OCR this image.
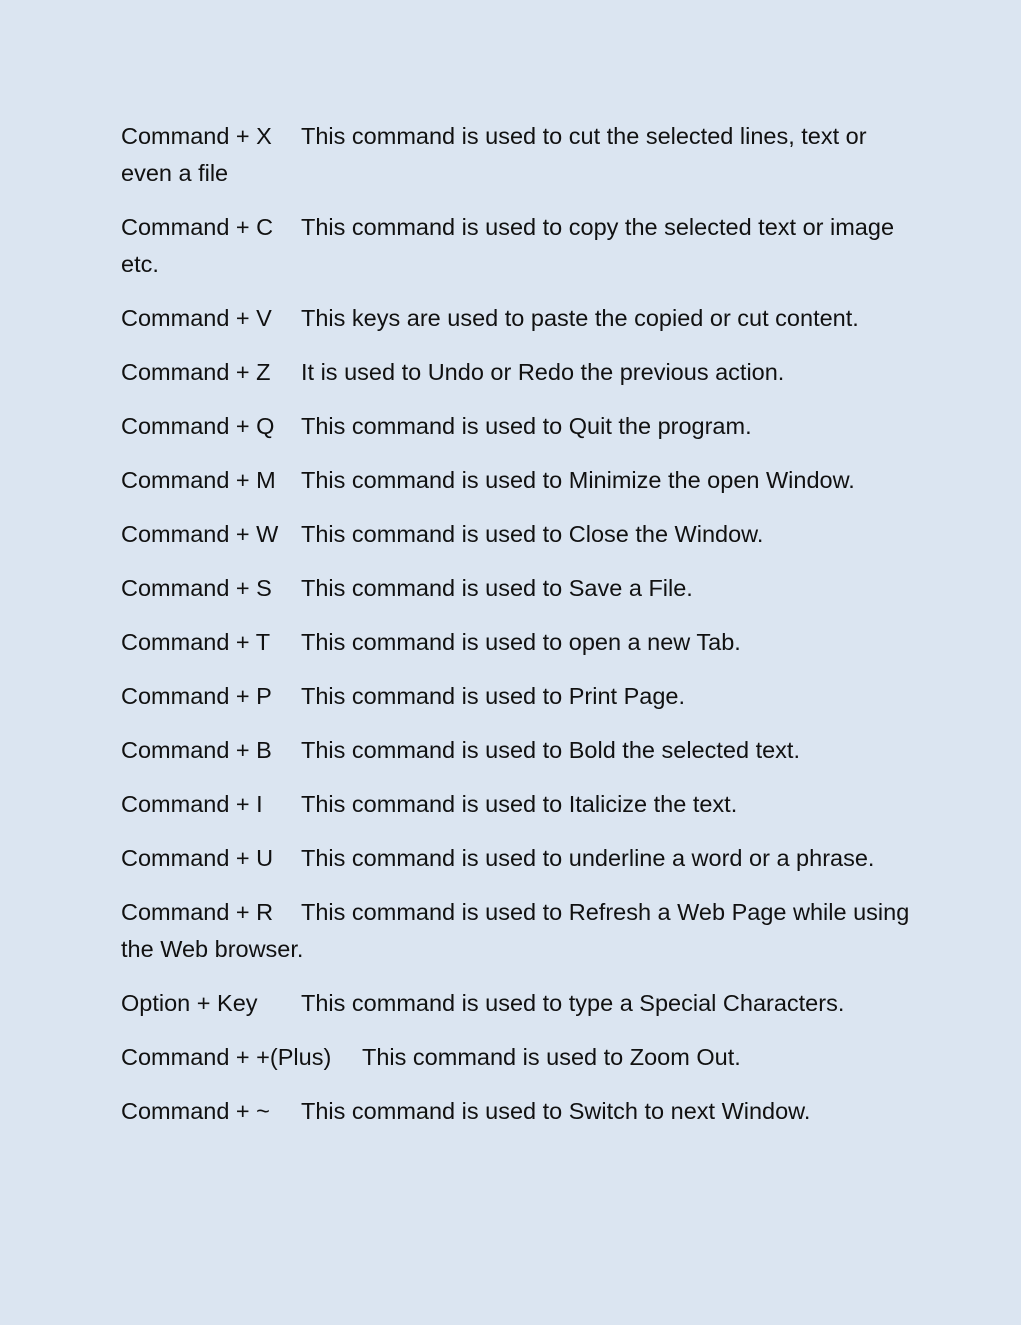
Command + X This command is used to cut the selected lines, text or even a file

Command + C This command is used to copy the selected text or image etc.

Command + V This keys are used to paste the copied or cut content.

Command + Z It is used to Undo or Redo the previous action.

Command + Q This command is used to Quit the program.

Command + M This command is used to Minimize the open Window.

Command + W This command is used to Close the Window.

Command + S This command is used to Save a File.

Command + T This command is used to open a new Tab.

Command + P This command is used to Print Page.

Command + B This command is used to Bold the selected text.

Command + I This command is used to Italicize the text.

Command + U This command is used to underline a word or a phrase.

Command + R This command is used to Refresh a Web Page while using the Web browser.

Option + Key This command is used to type a Special Characters.

Command + +(Plus) This command is used to Zoom Out.

Command + ~ This command is used to Switch to next Window.
